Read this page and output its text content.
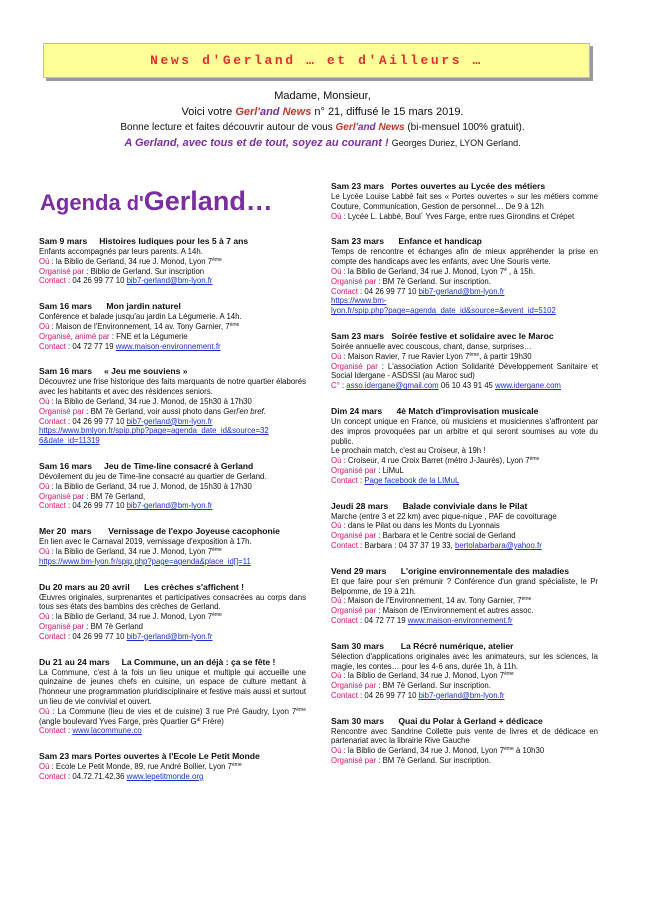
News d'Gerland … et d'Ailleurs …
Madame, Monsieur,
Voici votre Gerl'and News n° 21, diffusé le 15 mars 2019.
Bonne lecture et faites découvrir autour de vous Gerl'and News (bi-mensuel 100% gratuit).
A Gerland, avec tous et de tout, soyez au courant ! Georges Duriez, LYON Gerland.
Agenda d'Gerland…
Sam 9 mars     Histoires ludiques pour les 5 à 7 ans
Enfants accompagnés par leurs parents. A 14h.
Où : la Biblio de Gerland, 34 rue J. Monod, Lyon 7ème
Organisé par : Biblio de Gerland. Sur inscription
Contact : 04 26 99 77 10 bib7-gerland@bm-lyon.fr
Sam 16 mars      Mon jardin naturel
Conférence et balade jusqu'au jardin La Légumerie. A 14h.
Où : Maison de l'Environnement, 14 av. Tony Garnier, 7ème
Organisé, animé par : FNE et la Légumerie
Contact : 04 72 77 19 www.maison-environnement.fr
Sam 16 mars     « Jeu me souviens »
Découvrez une frise historique des faits marquants de notre quartier élaborés avec les habitants et avec des résidences seniors.
Où : la Biblio de Gerland, 34 rue J. Monod, de 15h30 à 17h30
Organisé par : BM 7è Gerland, voir aussi photo dans Gerl'en bref.
Contact : 04 26 99 77 10 bib7-gerland@bm-lyon.fr
https://www.bmlyon.fr/spip.php?page=agenda_date_id&source=32
6&date_id=11319
Sam 16 mars     Jeu de Time-line consacré à Gerland
Dévoilement du jeu de Time-line consacré au quartier de Gerland.
Où : la Biblio de Gerland, 34 rue J. Monod, de 15h30 à 17h30
Organisé par : BM 7è Gerland,
Contact : 04 26 99 77 10 bib7-gerland@bm-lyon.fr
Mer 20  mars       Vernissage de l'expo Joyeuse cacophonie
En lien avec le Carnaval 2019, vernissage d'exposition à 17h.
Où : la Biblio de Gerland, 34 rue J. Monod, Lyon 7ème
https://www.bm-lyon.fr/spip.php?page=agenda&place_id[]=11
Du 20 mars au 20 avril      Les crèches s'affichent !
Œuvres originales, surprenantes et participatives consacrées au corps dans tous ses états des bambins des crèches de Gerland.
Où : la Biblio de Gerland, 34 rue J. Monod, Lyon 7ème
Organisé par : BM 7è Gerland
Contact : 04 26 99 77 10 bib7-gerland@bm-lyon.fr
Du 21 au 24 mars     La Commune, un an déjà : ça se fête !
La Commune, c'est à la fois un lieu unique et multiple qui accueille une quinzaine de jeunes chefs en cuisine, un espace de culture mettant à l'honneur une programmation pluridisciplinaire et festive mais aussi et surtout un lieu de vie convivial et ouvert.
Où : La Commune (lieu de vies et de cuisine) 3 rue Pré Gaudry, Lyon 7ème (angle boulevard Yves Farge, près Quartier $G^{al}$ Frère)
Contact : www.lacommune.co
Sam 23 mars Portes ouvertes à l'Ecole Le Petit Monde
Où : Ecole Le Petit Monde, 89, rue André Bollier, Lyon 7ème
Contact : 04.72.71.42.36 www.lepetitmonde.org
Sam 23 mars   Portes ouvertes au Lycée des métiers
Le Lycée Louise Labbé fait ses « Portes ouvertes » sur les métiers comme Couture, Communication, Gestion de personnel… De 9 à 12h
Où : Lycée L. Labbé, Boul´ Yves Farge, entre rues Girondins et Crépet
Sam 23 mars      Enfance et handicap
Temps de rencontre et échanges afin de mieux appréhender la prise en compte des handicaps avec les enfants, avec Une Souris verte.
Où : la Biblio de Gerland, 34 rue J. Monod, Lyon $7^è$ , à 15h.
Organisé par : BM 7è Gerland. Sur inscription.
Contact : 04 26 99 77 10 bib7-gerland@bm-lyon.fr
https://www.bm-
lyon.fr/spip.php?page=agenda_date_id&source=&event_id=5102
Sam 23 mars   Soirée festive et solidaire avec le Maroc
Soirée annuelle avec couscous, chant, danse, surprises…
Où : Maison Ravier, 7 rue Ravier Lyon 7ème, à partir 19h30
Organisé par : L'association Action Solidarité Développement Sanitaire et Social Idergane - ASDSSI (au Maroc sud)
C° : asso.idergane@gmail.com 06 10 43 91 45 www.idergane.com
Dim 24 mars      4è Match d'improvisation musicale
Un concept unique en France, où musiciens et musiciennes s'affrontent par des impros provoquées par un arbitre et qui seront soumises au vote du public.
Le prochain match, c'est au Croiseur, à 19h !
Où : Croiseur, 4 rue Croix Barret (métro J-Jaurès), Lyon 7ème
Organisé par : LiMuL
Contact : Page facebook de la LIMuL
Jeudi 28 mars      Balade conviviale dans le Pilat
Marche (entre 3 et 22 km) avec pique-nique , PAF de covoiturage
Où : dans le Pilat ou dans les Monts du Lyonnais
Organisé par : Barbara et le Centre social de Gerland
Contact : Barbara : 04 37 37 19 33, bertolabarbara@yahoo.fr
Vend 29 mars      L'origine environnementale des maladies
Et que faire pour s'en prémunir ? Conférence d'un grand spécialiste, le Pr Belpomme, de 19 à 21h.
Où : Maison de l'Environnement, 14 av. Tony Garnier, 7ème
Organisé par : Maison de l'Environnement et autres assoc.
Contact : 04 72 77 19 www.maison-environnement.fr
Sam 30 mars       La Récré numérique, atelier
Sélection d'applications originales avec les animateurs, sur les sciences, la magie, les contes… pour les 4-6 ans, durée 1h, à 11h.
Où : la Biblio de Gerland, 34 rue J. Monod, Lyon 7ème
Organisé par : BM 7è Gerland. Sur inscription.
Contact : 04 26 99 77 10 bib7-gerland@bm-lyon.fr
Sam 30 mars      Quai du Polar à Gerland + dédicace
Rencontre avec Sandrine Collette puis vente de livres et de dédicace en partenariat avec la librairie Rive Gauche
Où : la Biblio de Gerland, 34 rue J. Monod, Lyon 7ème à 10h30
Organisé par : BM 7è Gerland. Sur inscription.
